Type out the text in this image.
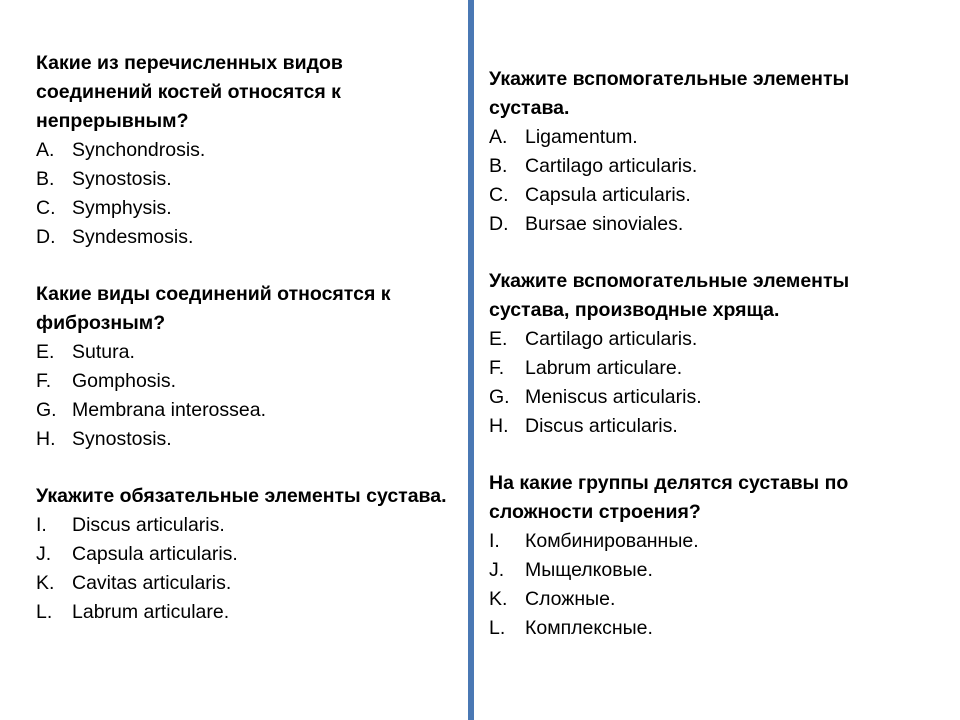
Какие из перечисленных видов соединений костей относятся к непрерывным?

A. Synchondrosis.
B. Synostosis.
C. Symphysis.
D. Syndesmosis.

Какие виды соединений относятся к фиброзным?

E. Sutura.
F.	Gomphosis.
G. Membrana interossea.
H. Synostosis.

Укажите обязательные элементы сустава.

I.	Discus articularis.
J.	Capsula articularis.
K. Cavitas articularis.
L.	Labrum articulare.

Укажите вспомогательные элементы сустава.

A. Ligamentum.
B. Cartilago articularis.
C. Capsula articularis.
D. Bursae sinoviales.

Укажите вспомогательные элементы сустава, производные хряща.

E. Cartilago articularis.
F.	Labrum articulare.
G. Meniscus articularis.
H. Discus articularis.

На какие группы делятся суставы по сложности строения?

I.	Комбинированные.
J.	Мыщелковые.
K. Сложные.
L.	Комплексные.
